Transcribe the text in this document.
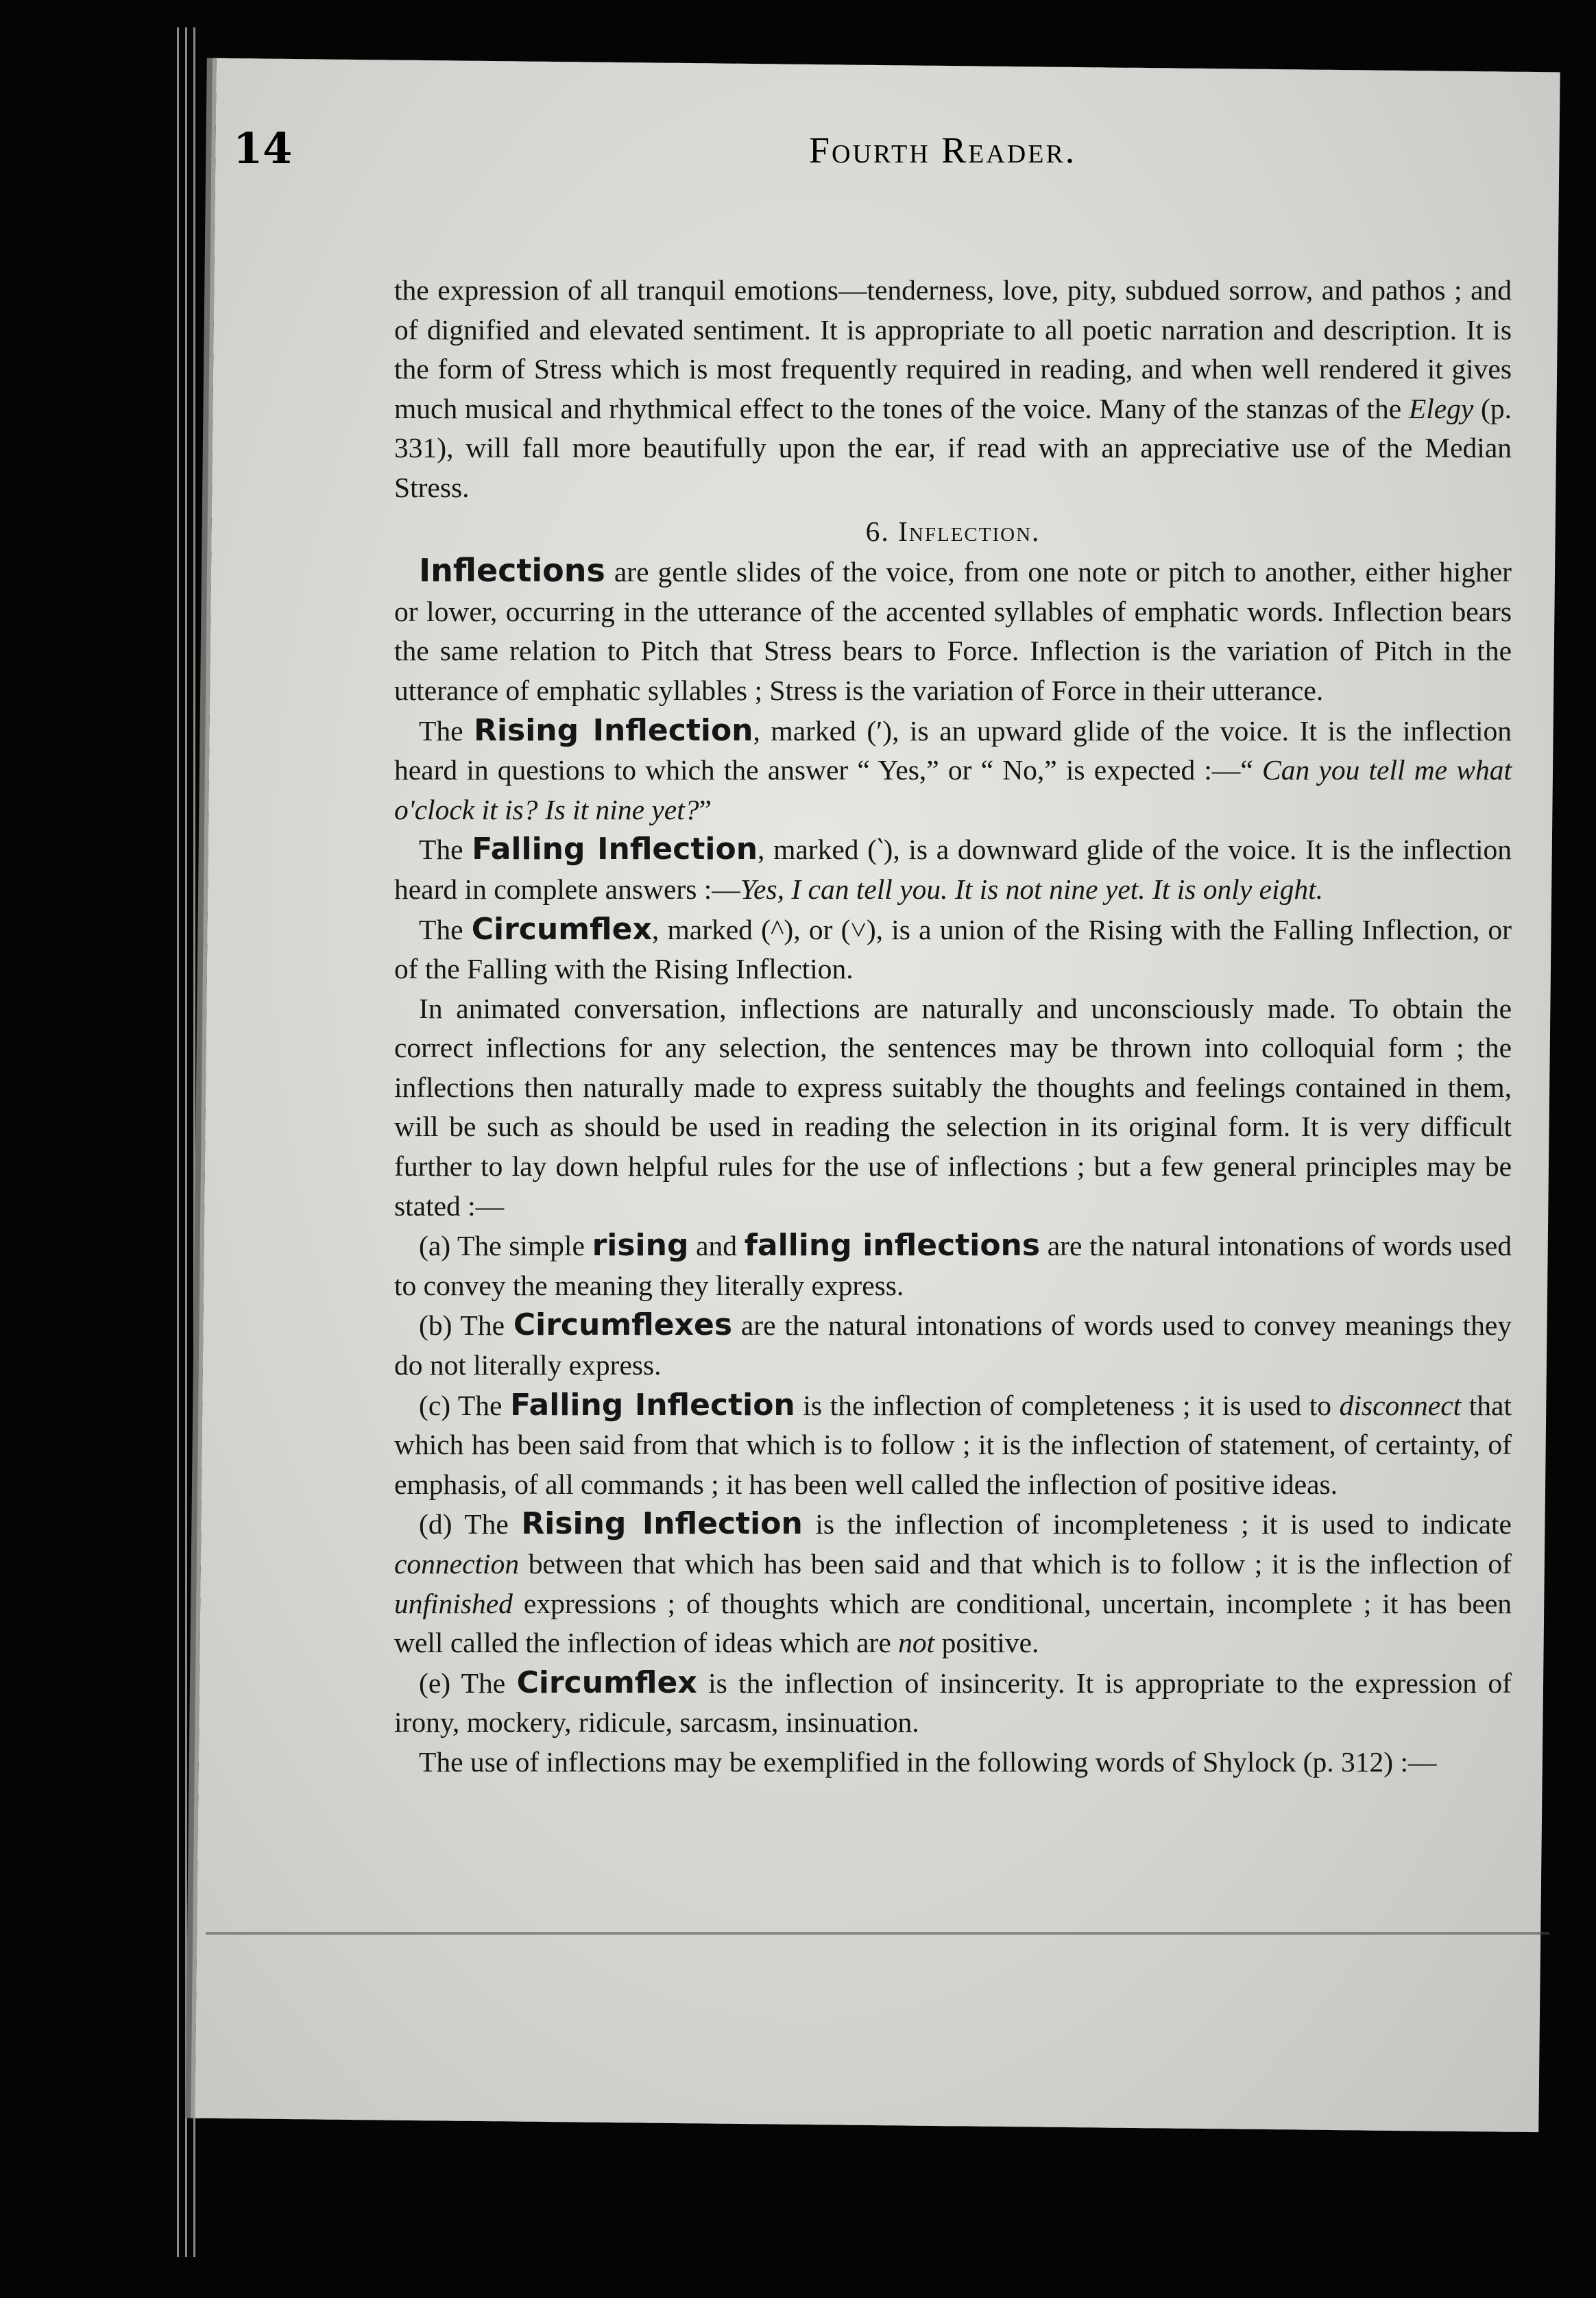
14	Fourth Reader.

the expression of all tranquil emotions—tenderness, love, pity, subdued sorrow, and pathos ; and of dignified and elevated sentiment. It is appropriate to all poetic narration and description. It is the form of Stress which is most frequently required in reading, and when well rendered it gives much musical and rhythmical effect to the tones of the voice. Many of the stanzas of the Elegy (p. 331), will fall more beautifully upon the ear, if read with an appreciative use of the Median Stress.

6. Inflection.

Inflections are gentle slides of the voice, from one note or pitch to another, either higher or lower, occurring in the utterance of the accented syllables of emphatic words. Inflection bears the same relation to Pitch that Stress bears to Force. Inflection is the variation of Pitch in the utterance of emphatic syllables ; Stress is the variation of Force in their utterance.

The Rising Inflection, marked (′), is an upward glide of the voice. It is the inflection heard in questions to which the answer “ Yes,” or “ No,” is expected :—“ Can you tell me what o'clock it is? Is it nine yet?”

The Falling Inflection, marked (‵), is a downward glide of the voice. It is the inflection heard in complete answers :—Yes, I can tell you. It is not nine yet. It is only eight.

The Circumflex, marked (^), or (˅), is a union of the Rising with the Falling Inflection, or of the Falling with the Rising Inflection.

In animated conversation, inflections are naturally and unconsciously made. To obtain the correct inflections for any selection, the sentences may be thrown into colloquial form ; the inflections then naturally made to express suitably the thoughts and feelings contained in them, will be such as should be used in reading the selection in its original form. It is very difficult further to lay down helpful rules for the use of inflections ; but a few general principles may be stated :—

(a) The simple rising and falling inflections are the natural intonations of words used to convey the meaning they literally express.

(b) The Circumflexes are the natural intonations of words used to convey meanings they do not literally express.

(c) The Falling Inflection is the inflection of completeness ; it is used to disconnect that which has been said from that which is to follow ; it is the inflection of statement, of certainty, of emphasis, of all commands ; it has been well called the inflection of positive ideas.

(d) The Rising Inflection is the inflection of incompleteness ; it is used to indicate connection between that which has been said and that which is to follow ; it is the inflection of unfinished expressions ; of thoughts which are conditional, uncertain, incomplete ; it has been well called the inflection of ideas which are not positive.

(e) The Circumflex is the inflection of insincerity. It is appropriate to the expression of irony, mockery, ridicule, sarcasm, insinuation.

The use of inflections may be exemplified in the following words of Shylock (p. 312) :—
